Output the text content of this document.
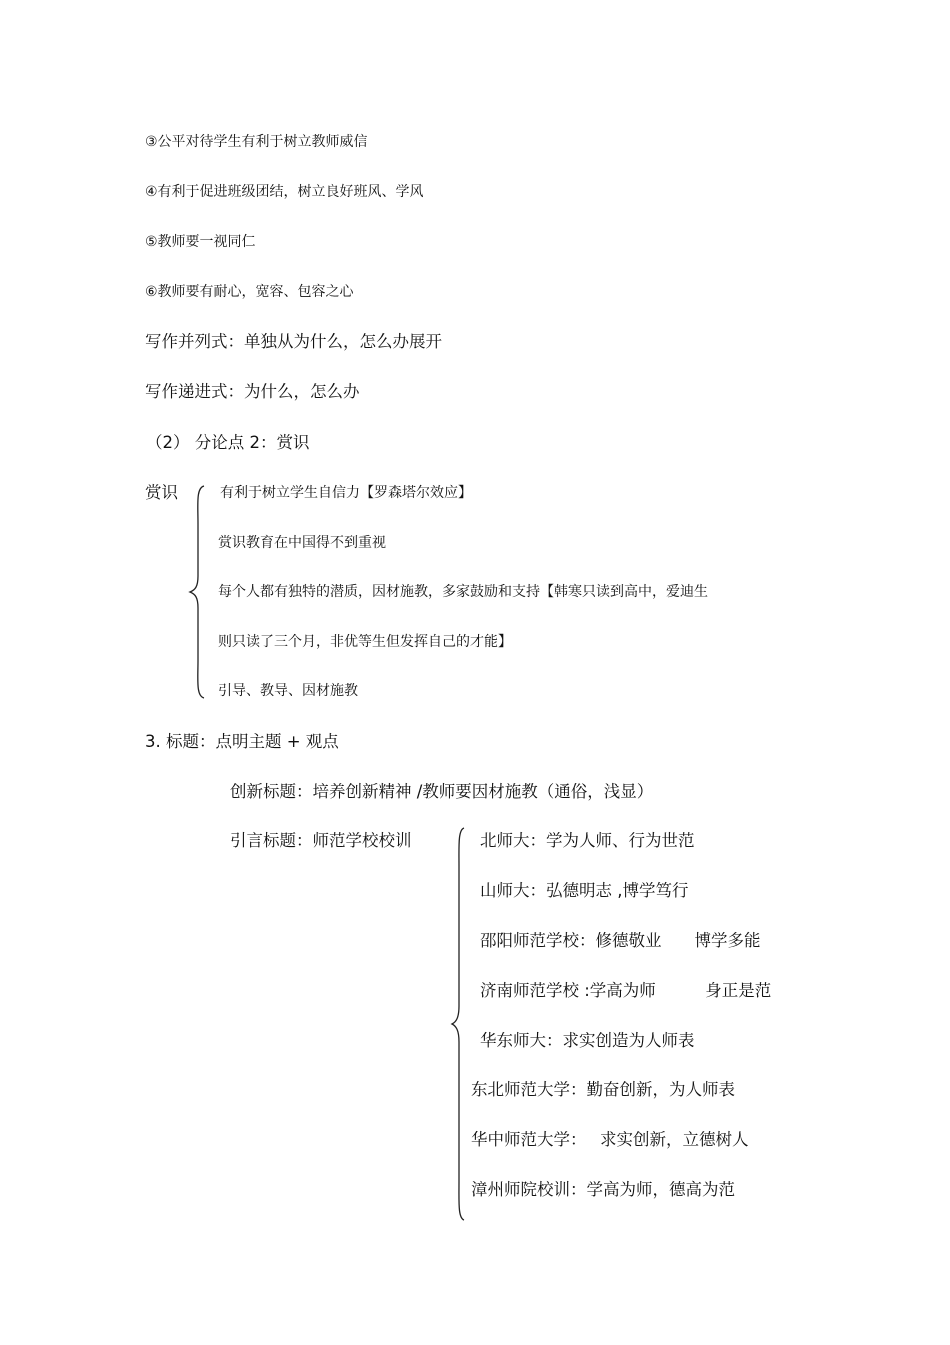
③公平对待学生有利于树立教师威信
④有利于促进班级团结，树立良好班风、学风
⑤教师要一视同仁
⑥教师要有耐心，宽容、包容之心
写作并列式：单独从为什么，怎么办展开
写作递进式：为什么，怎么办
（2） 分论点 2：赏识
赏识	有利于树立学生自信力【罗森塔尔效应】
赏识教育在中国得不到重视
每个人都有独特的潜质，因材施教，多家鼓励和支持【韩寒只读到高中，爱迪生
则只读了三个月，非优等生但发挥自己的才能】
引导、教导、因材施教
3. 标题：点明主题 + 观点
创新标题：培养创新精神 /教师要因材施教（通俗，浅显）
引言标题：师范学校校训	北师大：学为人师、行为世范
山师大：弘德明志 ,博学笃行
邵阳师范学校：修德敬业　　博学多能
济南师范学校 :学高为师　　　身正是范
华东师大：求实创造为人师表
东北师范大学：勤奋创新，为人师表
华中师范大学：　 求实创新，立德树人
漳州师院校训：学高为师，德高为范
